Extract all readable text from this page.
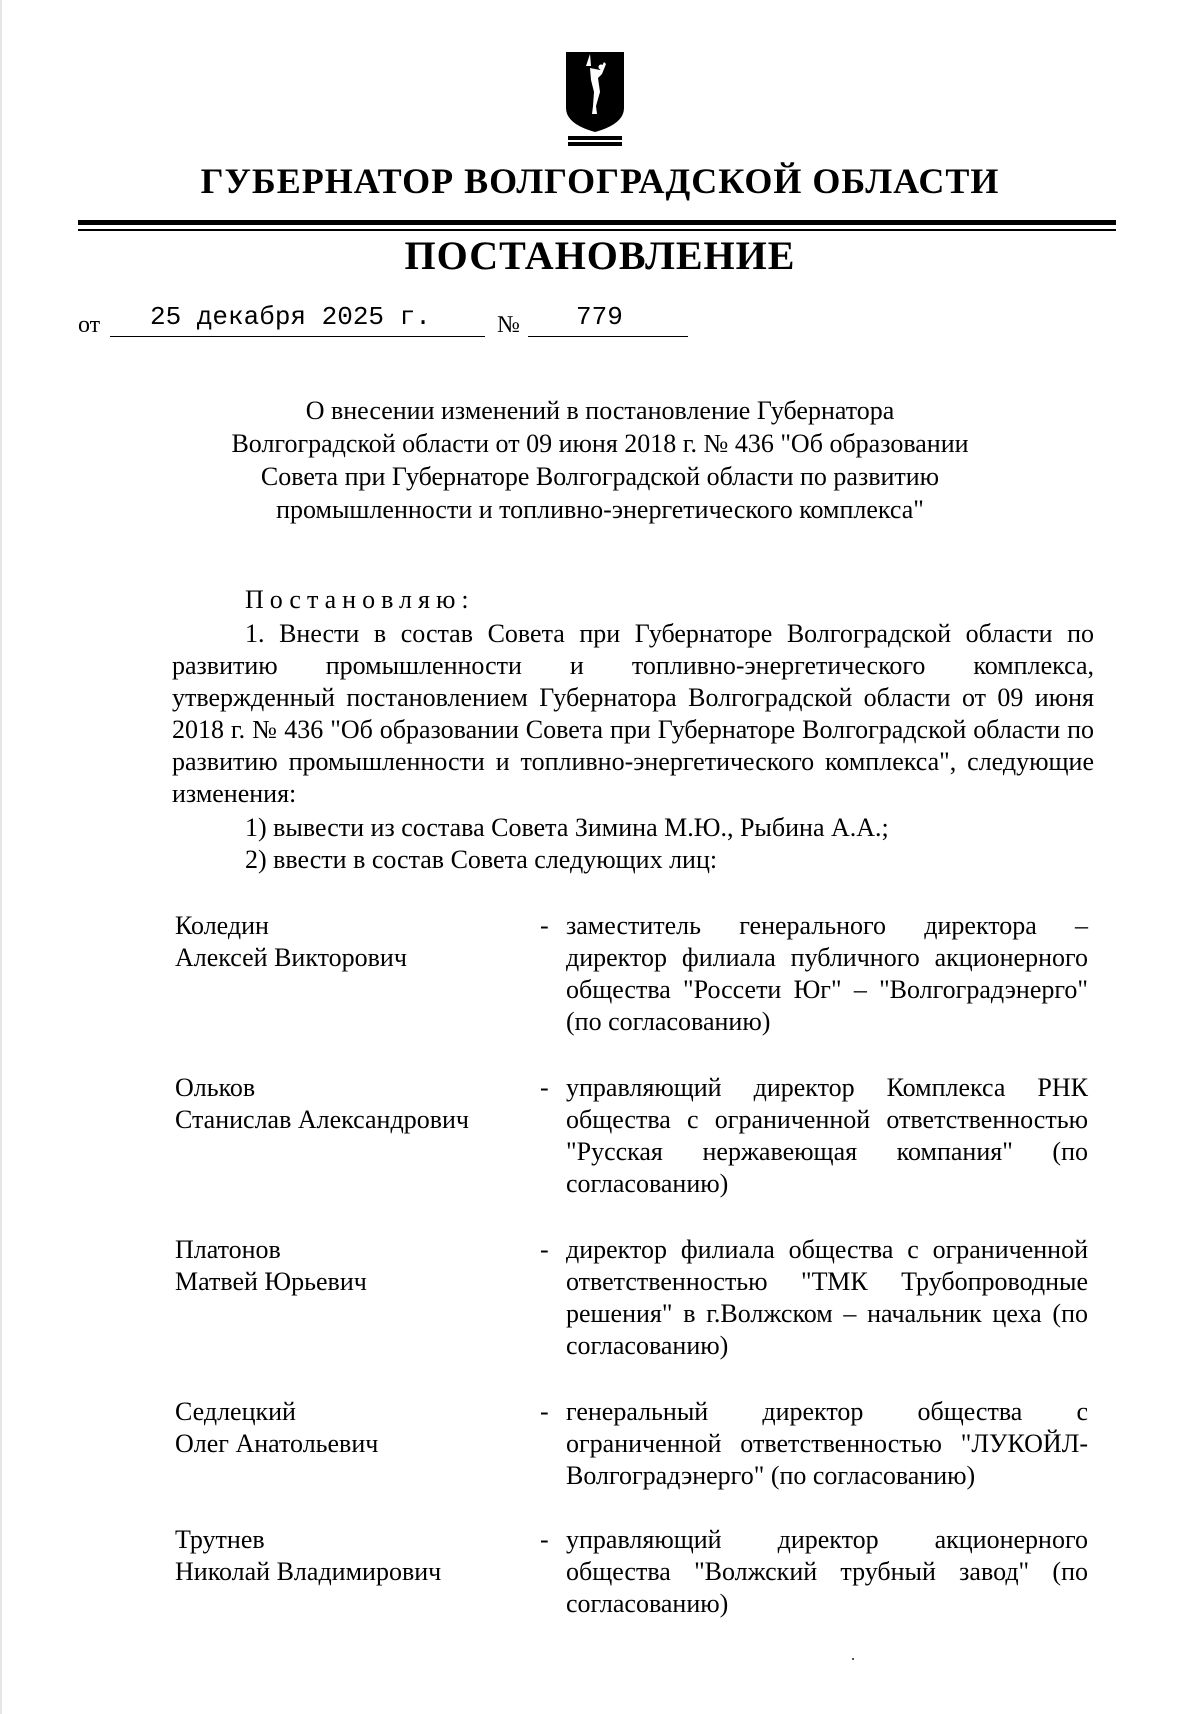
ГУБЕРНАТОР ВОЛГОГРАДСКОЙ ОБЛАСТИ
ПОСТАНОВЛЕНИЕ
от 25 декабря 2025 г.	№ 779
О внесении изменений в постановление Губернатора
Волгоградской области от 09 июня 2018 г. № 436 "Об образовании
Совета при Губернаторе Волгоградской области по развитию
промышленности и топливно-энергетического комплекса"
Постановляю:
1. Внести в состав Совета при Губернаторе Волгоградской области по развитию промышленности и топливно-энергетического комплекса, утвержденный постановлением Губернатора Волгоградской области от 09 июня 2018 г. № 436 "Об образовании Совета при Губернаторе Волгоградской области по развитию промышленности и топливно-энергетического комплекса", следующие изменения:
1) вывести из состава Совета Зимина М.Ю., Рыбина А.А.;
2) ввести в состав Совета следующих лиц:
Коледин
Алексей Викторович
- заместитель генерального директора – директор филиала публичного акционерного общества "Россети Юг" – "Волгоградэнерго" (по согласованию)
Ольков
Станислав Александрович
- управляющий директор Комплекса РНК общества с ограниченной ответственностью "Русская нержавеющая компания" (по согласованию)
Платонов
Матвей Юрьевич
- директор филиала общества с ограниченной ответственностью "ТМК Трубопроводные решения" в г.Волжском – начальник цеха (по согласованию)
Седлецкий
Олег Анатольевич
- генеральный директор общества с ограниченной ответственностью "ЛУКОЙЛ-Волгоградэнерго" (по согласованию)
Трутнев
Николай Владимирович
- управляющий директор акционерного общества "Волжский трубный завод" (по согласованию)
